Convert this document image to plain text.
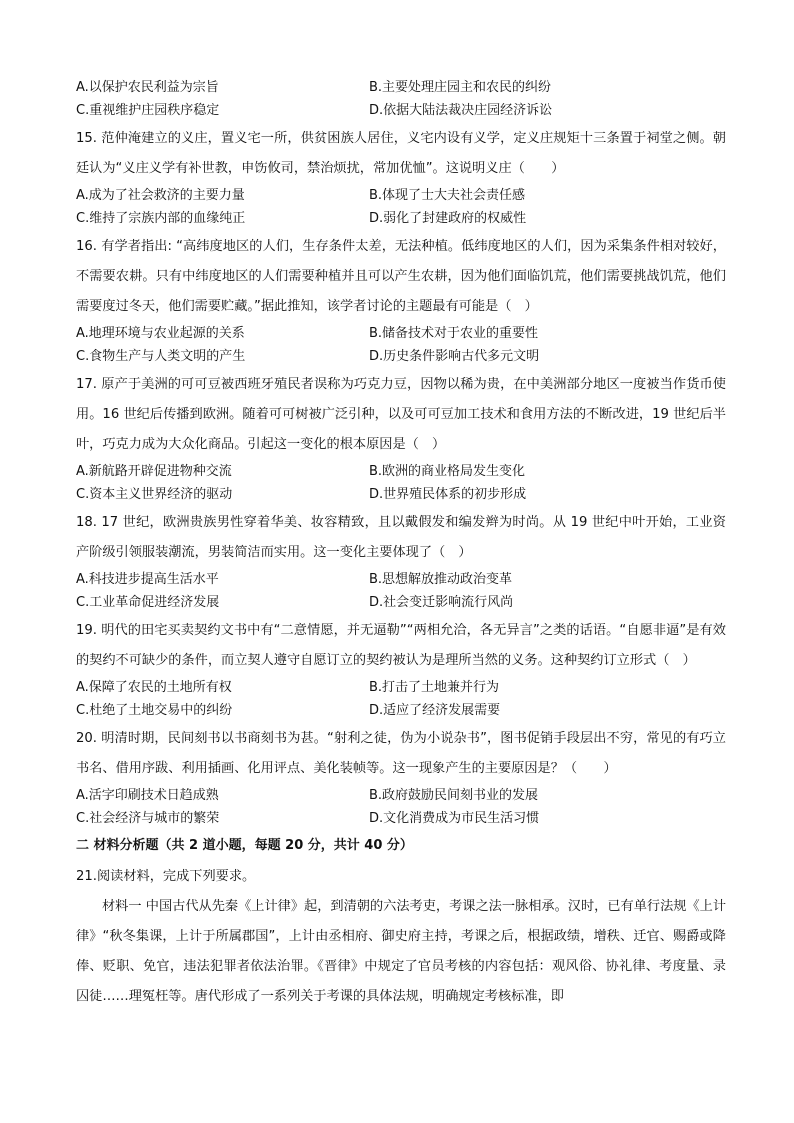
A.以保护农民利益为宗旨	B.主要处理庄园主和农民的纠纷
C.重视维护庄园秩序稳定	D.依据大陆法裁决庄园经济诉讼
15. 范仲淹建立的义庄，置义宅一所，供贫困族人居住，义宅内设有义学，定义庄规矩十三条置于祠堂之侧。朝廷认为“义庄义学有补世教，申饬攸司，禁治烦扰，常加优恤”。这说明义庄（　　）
A.成为了社会救济的主要力量	B.体现了士大夫社会责任感
C.维持了宗族内部的血缘纯正	D.弱化了封建政府的权威性
16. 有学者指出: “高纬度地区的人们，生存条件太差，无法种植。低纬度地区的人们，因为采集条件相对较好，不需要农耕。只有中纬度地区的人们需要种植并且可以产生农耕，因为他们面临饥荒，他们需要挑战饥荒，他们需要度过冬天，他们需要贮藏。”据此推知，该学者讨论的主题最有可能是（　）
A.地理环境与农业起源的关系	B.储备技术对于农业的重要性
C.食物生产与人类文明的产生	D.历史条件影响古代多元文明
17. 原产于美洲的可可豆被西班牙殖民者误称为巧克力豆，因物以稀为贵，在中美洲部分地区一度被当作货币使用。16 世纪后传播到欧洲。随着可可树被广泛引种，以及可可豆加工技术和食用方法的不断改进，19 世纪后半叶，巧克力成为大众化商品。引起这一变化的根本原因是（　）
A.新航路开辟促进物种交流	B.欧洲的商业格局发生变化
C.资本主义世界经济的驱动	D.世界殖民体系的初步形成
18. 17 世纪，欧洲贵族男性穿着华美、妆容精致，且以戴假发和编发辫为时尚。从 19 世纪中叶开始，工业资产阶级引领服装潮流，男装简洁而实用。这一变化主要体现了（　）
A.科技进步提高生活水平	B.思想解放推动政治变革
C.工业革命促进经济发展	D.社会变迁影响流行风尚
19. 明代的田宅买卖契约文书中有“二意情愿，并无逼勒”“两相允洽，各无异言”之类的话语。“自愿非逼”是有效的契约不可缺少的条件，而立契人遵守自愿订立的契约被认为是理所当然的义务。这种契约订立形式（　）
A.保障了农民的土地所有权	B.打击了土地兼并行为
C.杜绝了土地交易中的纠纷	D.适应了经济发展需要
20. 明清时期，民间刻书以书商刻书为甚。“射利之徒，伪为小说杂书”，图书促销手段层出不穷，常见的有巧立书名、借用序跋、利用插画、化用评点、美化装帧等。这一现象产生的主要原因是？（　　）
A.活字印刷技术日趋成熟	B.政府鼓励民间刻书业的发展
C.社会经济与城市的繁荣	D.文化消费成为市民生活习惯
二 材料分析题（共 2 道小题，每题 20 分，共计 40 分）
21.阅读材料，完成下列要求。
材料一 中国古代从先秦《上计律》起，到清朝的六法考吏，考课之法一脉相承。汉时，已有单行法规《上计律》“秋冬集课，上计于所属郡国”，上计由丞相府、御史府主持，考课之后，根据政绩，增秩、迁官、赐爵或降俸、贬职、免官，违法犯罪者依法治罪。《晋律》中规定了官员考核的内容包括：观风俗、协礼律、考度量、录囚徒……理冤枉等。唐代形成了一系列关于考课的具体法规，明确规定考核标准，即
